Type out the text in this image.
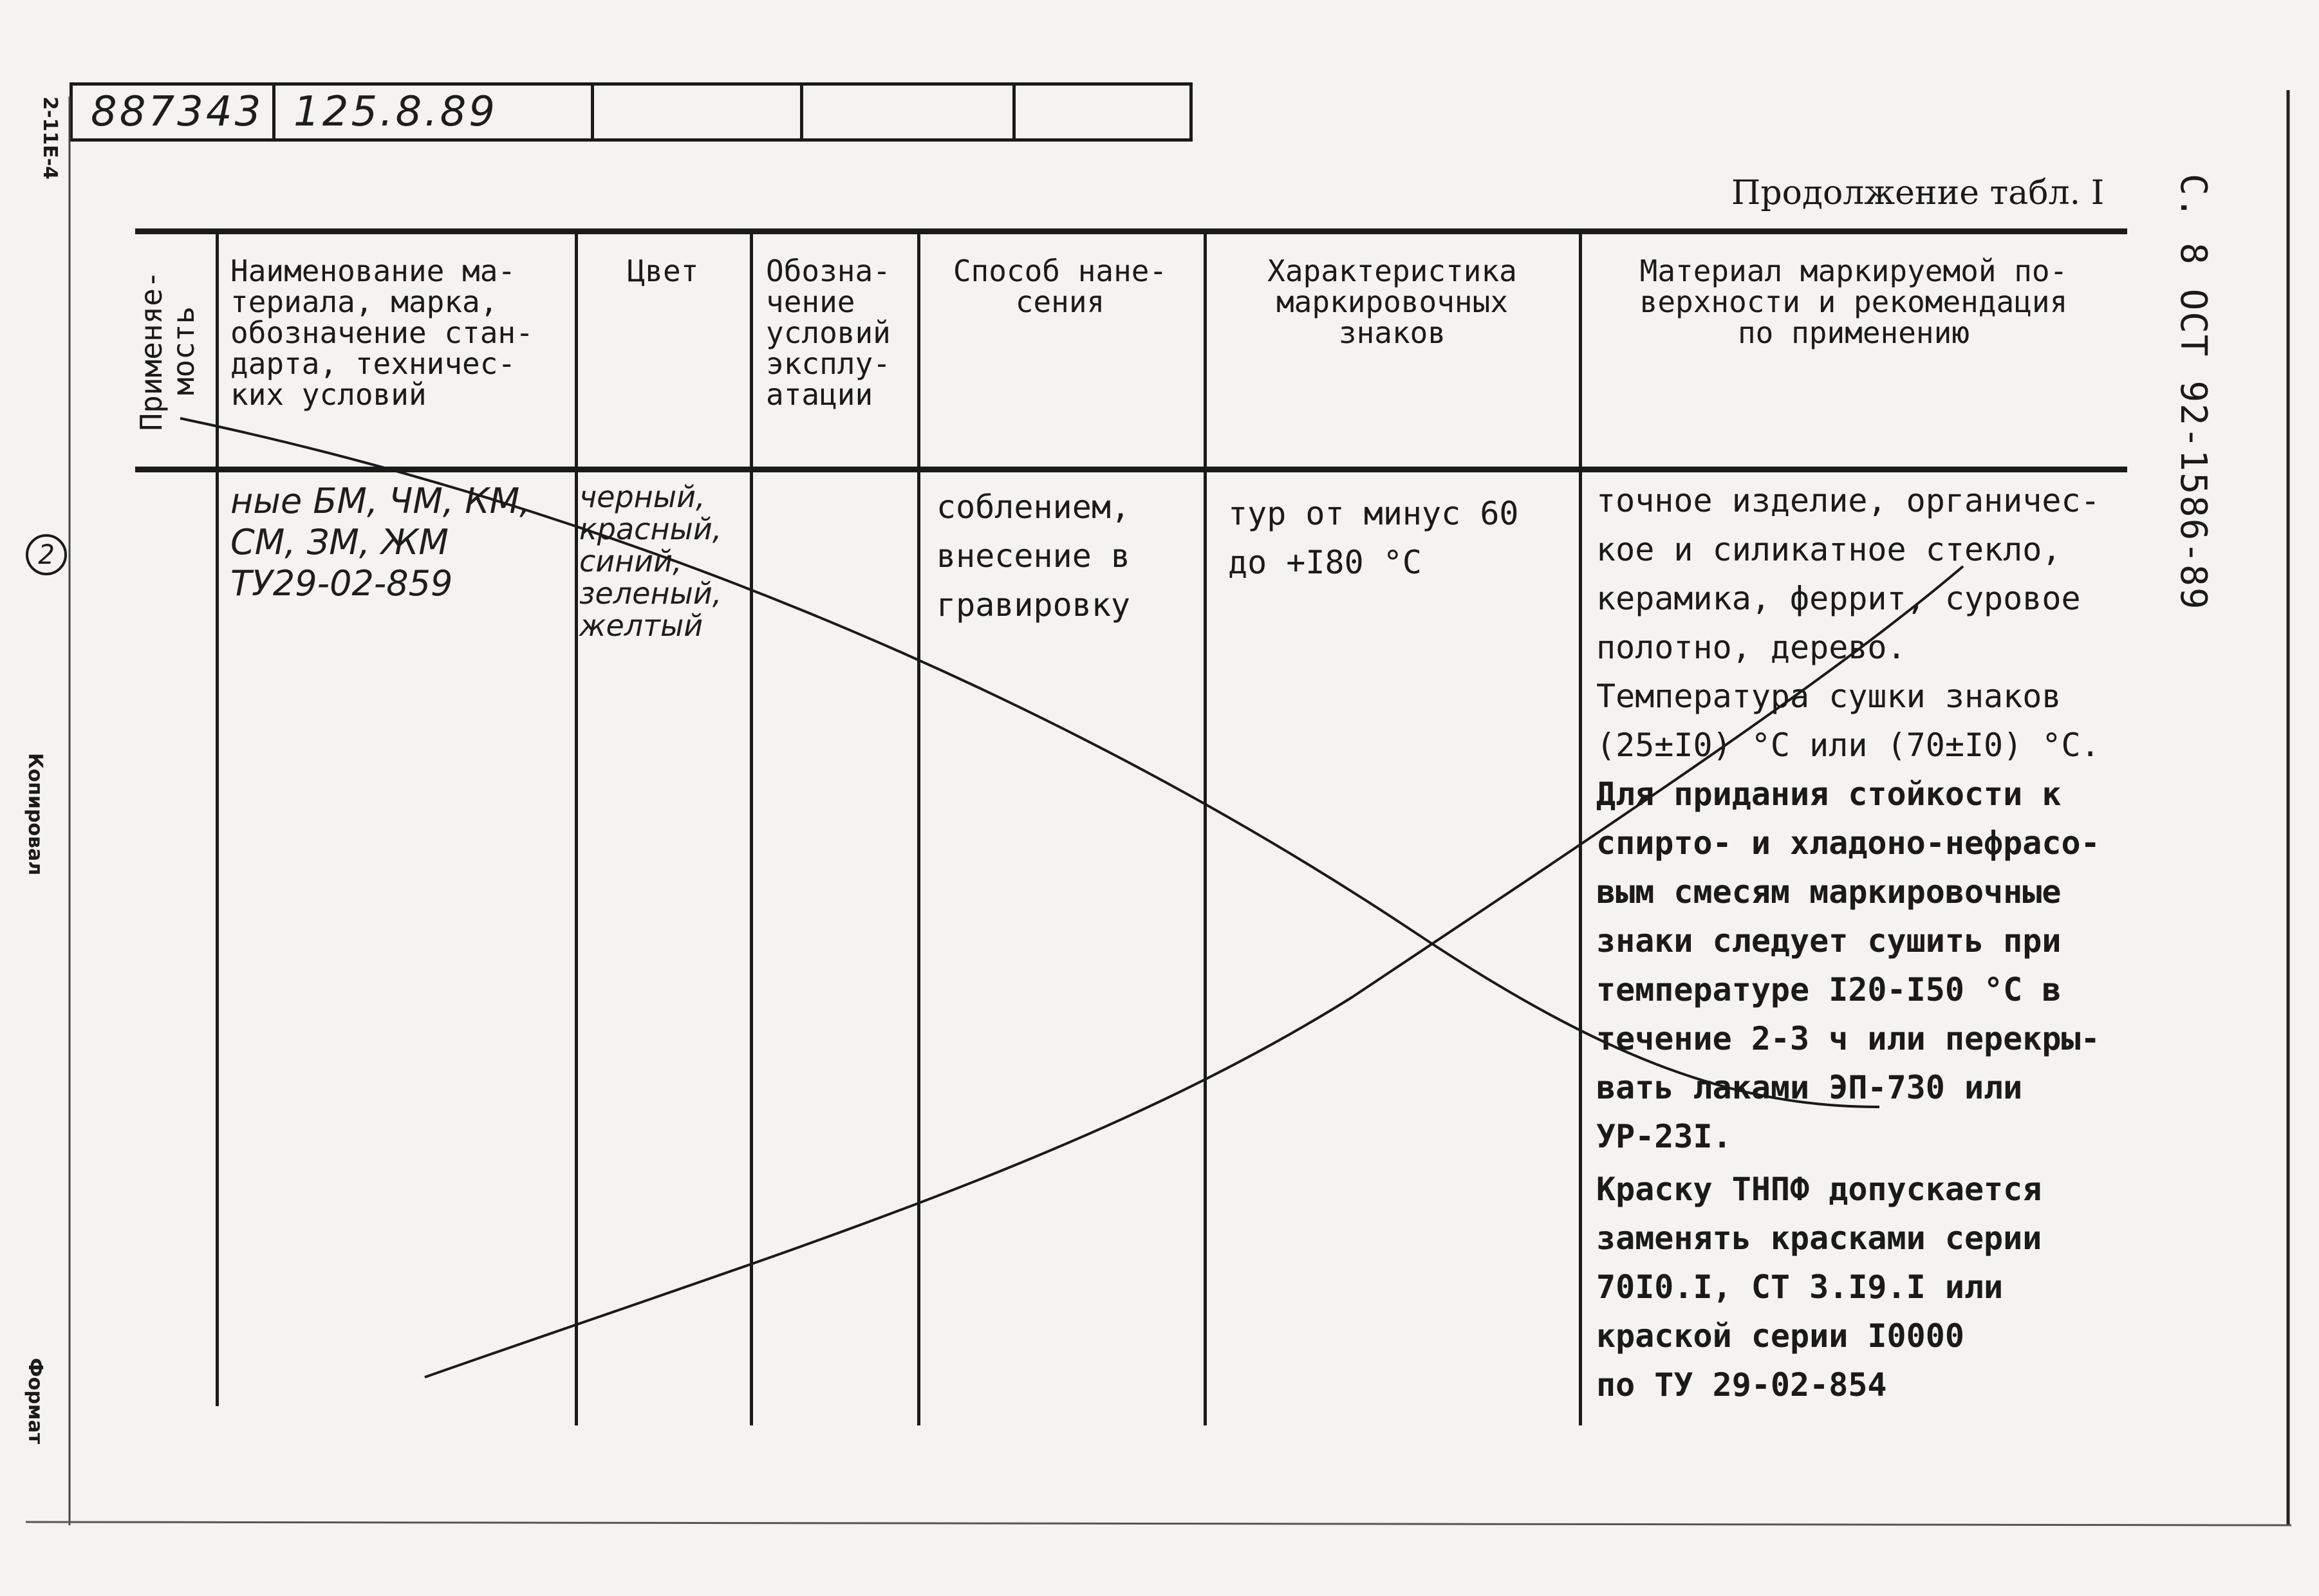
887343 125.8.89
2-11E-4
2
Копировал
Формат
С. 8 ОСТ 92-1586-89
Продолжение табл. I
Применяе-
мость
Наименование ма-
териала, марка,
обозначение стан-
дарта, техничес-
ких условий
Цвет	Обозна-
чение
условий
эксплу-
атации
Способ нане-
сения
Характеристика
маркировочных
знаков
Материал маркируемой по-
верхности и рекомендация
по применению
ные БМ, ЧМ, КМ,
СМ, ЗМ, ЖМ
ТУ29-02-859
черный,
красный,
синий,
зеленый,
желтый
соблением,
внесение в
гравировку
тур от минус 60
до +I80 °С
точное изделие, органичес-
кое и силикатное стекло,
керамика, феррит, суровое
полотно, дерево.
Температура сушки знаков
(25±I0) °С или (70±I0) °С.
Для придания стойкости к
спирто- и хладоно-нефрасо-
вым смесям маркировочные
знаки следует сушить при
температуре I20-I50 °С в
течение 2-3 ч или перекры-
вать лаками ЭП-730 или
УР-23I.
Краску ТНПФ допускается
заменять красками серии
70I0.I, СТ 3.I9.I или
краской серии I0000
по ТУ 29-02-854
